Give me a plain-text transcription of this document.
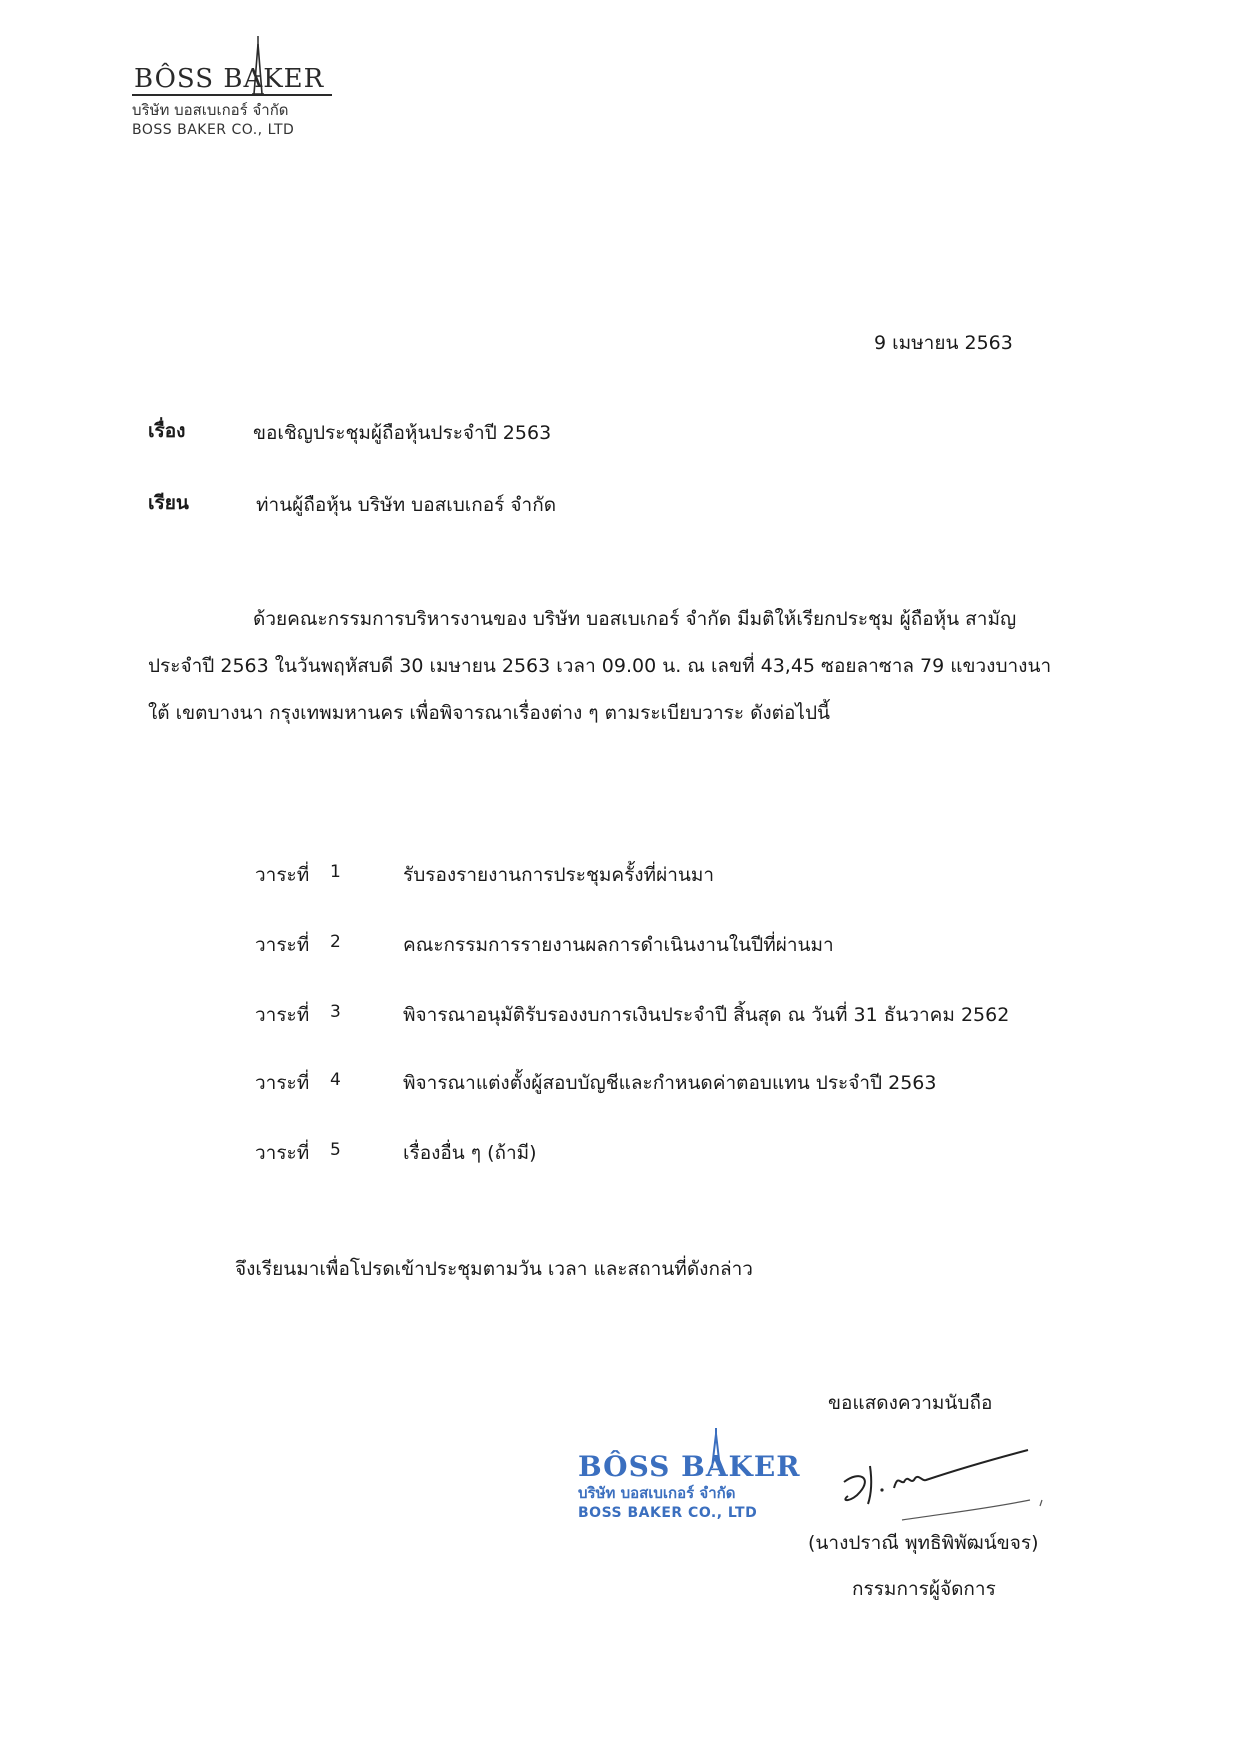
BÔSS BAKER
บริษัท บอสเบเกอร์ จำกัด
BOSS BAKER CO., LTD
9 เมษายน 2563
เรื่อง	ขอเชิญประชุมผู้ถือหุ้นประจำปี 2563
เรียน	ท่านผู้ถือหุ้น บริษัท บอสเบเกอร์ จำกัด
ด้วยคณะกรรมการบริหารงานของ บริษัท บอสเบเกอร์ จำกัด มีมติให้เรียกประชุม ผู้ถือหุ้น สามัญประจำปี 2563 ในวันพฤหัสบดี 30 เมษายน 2563 เวลา 09.00 น. ณ เลขที่ 43,45 ซอยลาซาล 79 แขวงบางนาใต้ เขตบางนา กรุงเทพมหานคร เพื่อพิจารณาเรื่องต่าง ๆ ตามระเบียบวาระ ดังต่อไปนี้
วาระที่ 1	รับรองรายงานการประชุมครั้งที่ผ่านมา
วาระที่ 2	คณะกรรมการรายงานผลการดำเนินงานในปีที่ผ่านมา
วาระที่ 3	พิจารณาอนุมัติรับรองงบการเงินประจำปี สิ้นสุด ณ วันที่ 31 ธันวาคม 2562
วาระที่ 4	พิจารณาแต่งตั้งผู้สอบบัญชีและกำหนดค่าตอบแทน ประจำปี 2563
วาระที่ 5	เรื่องอื่น ๆ (ถ้ามี)
จึงเรียนมาเพื่อโปรดเข้าประชุมตามวัน เวลา และสถานที่ดังกล่าว
ขอแสดงความนับถือ
BÔSS BAKER
บริษัท บอสเบเกอร์ จำกัด
BOSS BAKER CO., LTD
(นางปราณี พุทธิพิพัฒน์ขจร)
กรรมการผู้จัดการ
